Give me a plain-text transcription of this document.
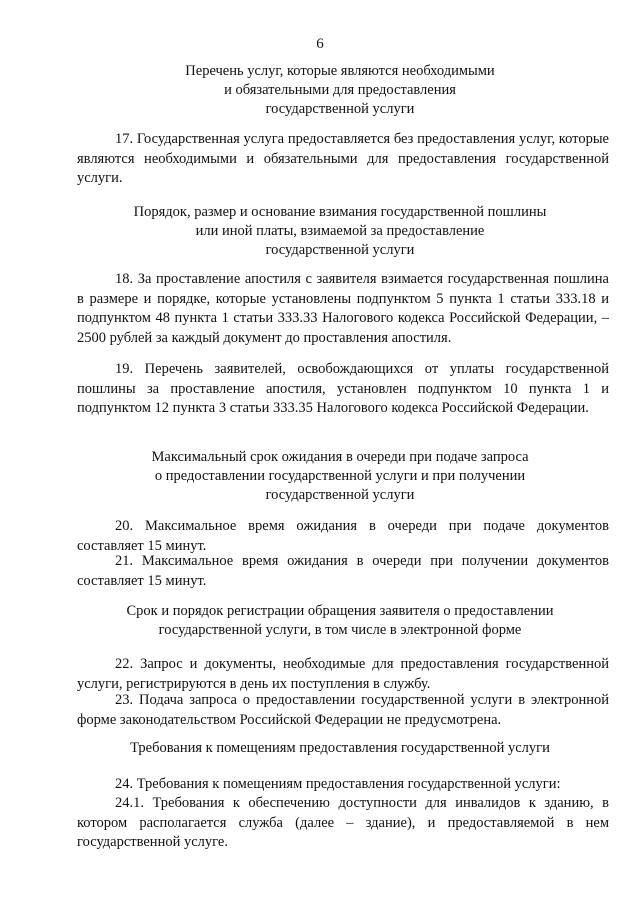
6
Перечень услуг, которые являются необходимыми
и обязательными для предоставления
государственной услуги

17. Государственная услуга предоставляется без предоставления услуг, которые являются необходимыми и обязательными для предоставления государственной услуги.

Порядок, размер и основание взимания государственной пошлины
или иной платы, взимаемой за предоставление
государственной услуги

18. За проставление апостиля с заявителя взимается государственная пошлина в размере и порядке, которые установлены подпунктом 5 пункта 1 статьи 333.18 и подпунктом 48 пункта 1 статьи 333.33 Налогового кодекса Российской Федерации, – 2500 рублей за каждый документ до проставления апостиля.

19. Перечень заявителей, освобождающихся от уплаты государственной пошлины за проставление апостиля, установлен подпунктом 10 пункта 1 и подпунктом 12 пункта 3 статьи 333.35 Налогового кодекса Российской Федерации.

Максимальный срок ожидания в очереди при подаче запроса
о предоставлении государственной услуги и при получении
государственной услуги

20. Максимальное время ожидания в очереди при подаче документов составляет 15 минут.

21. Максимальное время ожидания в очереди при получении документов составляет 15 минут.

Срок и порядок регистрации обращения заявителя о предоставлении
государственной услуги, в том числе в электронной форме

22. Запрос и документы, необходимые для предоставления государственной услуги, регистрируются в день их поступления в службу.

23. Подача запроса о предоставлении государственной услуги в электронной форме законодательством Российской Федерации не предусмотрена.

Требования к помещениям предоставления государственной услуги

24. Требования к помещениям предоставления государственной услуги:

24.1. Требования к обеспечению доступности для инвалидов к зданию, в котором располагается служба (далее – здание), и предоставляемой в нем государственной услуге.
